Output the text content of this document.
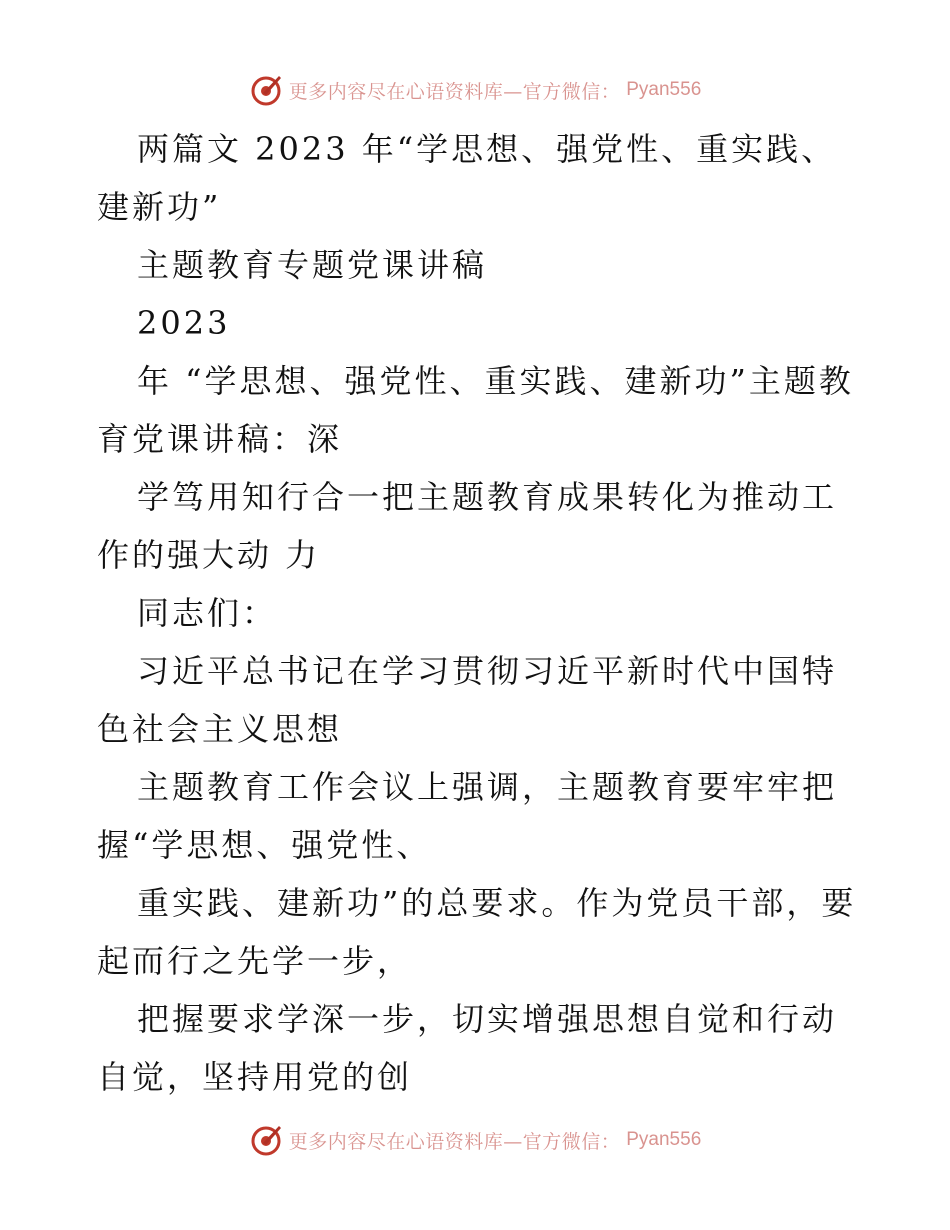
更多内容尽在心语资料库—官方微信： Pyan556

两篇文 2023 年“学思想、强党性、重实践、建新功”

主题教育专题党课讲稿

2023

年 “学思想、强党性、重实践、建新功”主题教育党课讲稿：深

学笃用知行合一把主题教育成果转化为推动工作的强大动 力

同志们：

习近平总书记在学习贯彻习近平新时代中国特色社会主义思想

主题教育工作会议上强调，主题教育要牢牢把握“学思想、强党性、

重实践、建新功”的总要求。作为党员干部，要起而行之先学一步，

把握要求学深一步，切实增强思想自觉和行动自觉，坚持用党的创

更多内容尽在心语资料库—官方微信： Pyan556
